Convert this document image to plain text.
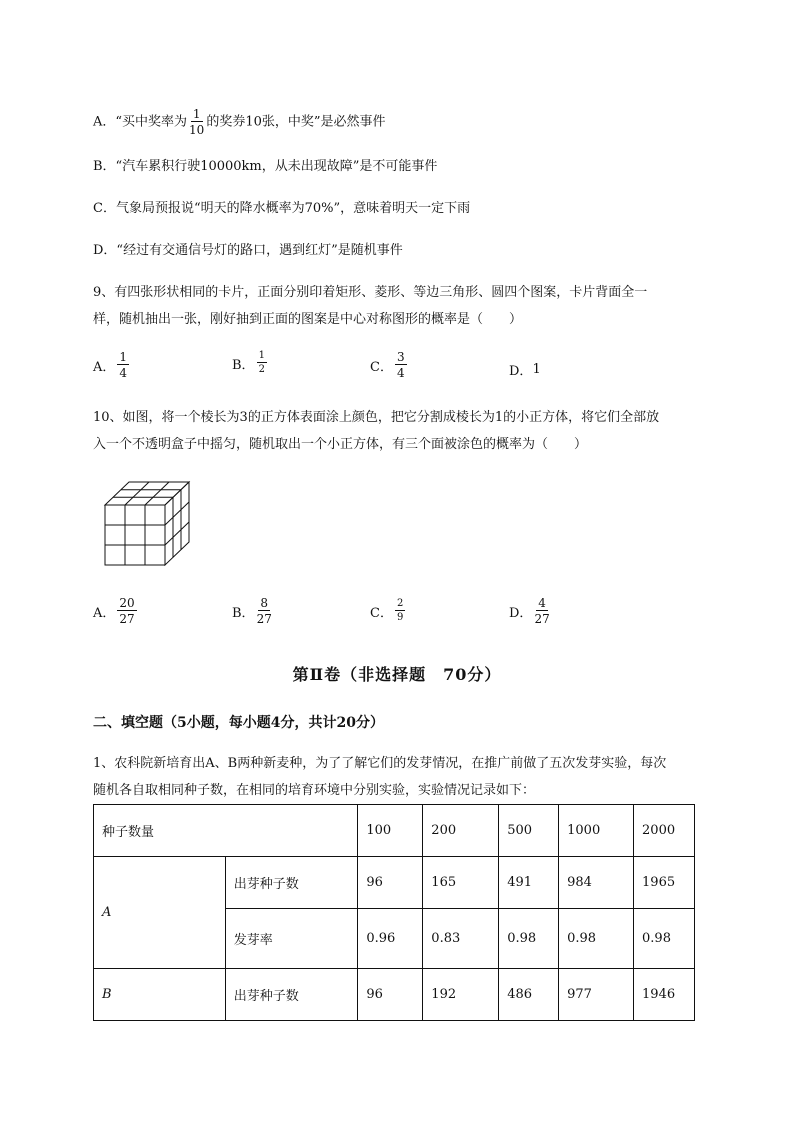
A．“买中奖率为 $\frac{1}{10}$ 的奖券10张，中奖”是必然事件
B．“汽车累积行驶10000km，从未出现故障”是不可能事件
C．气象局预报说“明天的降水概率为70%”，意味着明天一定下雨
D．“经过有交通信号灯的路口，遇到红灯”是随机事件
9、有四张形状相同的卡片，正面分别印着矩形、菱形、等边三角形、圆四个图案，卡片背面全一
样，随机抽出一张，刚好抽到正面的图案是中心对称图形的概率是（　　）
A． $\frac{1}{4}$	B． $\frac{1}{2}$	C． $\frac{3}{4}$	D．1
10、如图，将一个棱长为3的正方体表面涂上颜色，把它分割成棱长为1的小正方体，将它们全部放
入一个不透明盒子中摇匀，随机取出一个小正方体，有三个面被涂色的概率为（　　）
A． $\frac{20}{27}$	B． $\frac{8}{27}$	C． $\frac{2}{9}$	D． $\frac{4}{27}$
第Ⅱ卷（非选择题　70分）
二、填空题（5小题，每小题4分，共计20分）
1、农科院新培育出A、B两种新麦种，为了了解它们的发芽情况，在推广前做了五次发芽实验，每次
随机各自取相同种子数，在相同的培育环境中分别实验，实验情况记录如下：
种子数量		100	200	500	1000	2000
A	出芽种子数	96	165	491	984	1965
	发芽率	0.96	0.83	0.98	0.98	0.98
B	出芽种子数	96	192	486	977	1946
